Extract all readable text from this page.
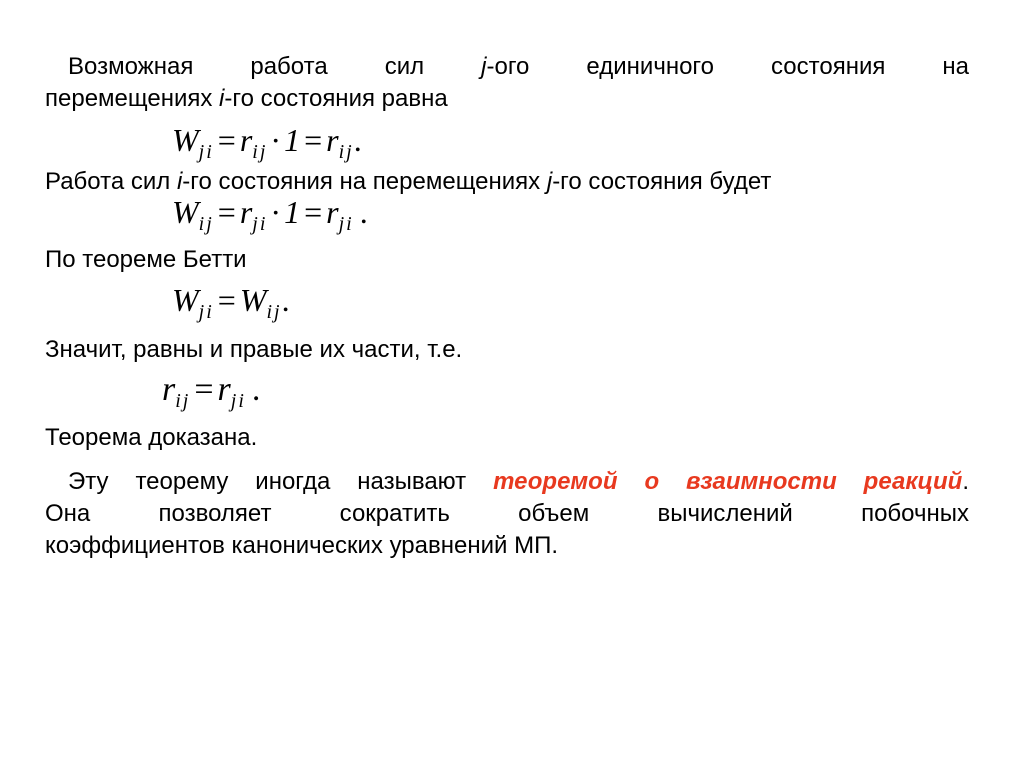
Возможная работа сил j-ого единичного состояния на
перемещениях i-го состояния равна
$W_{ji} = r_{ij}\cdot 1 = r_{ij}$.
Работа сил i-го состояния на перемещениях j-го состояния будет
$W_{ij} = r_{ji}\cdot 1 = r_{ji}$ .
По теореме Бетти
$W_{ji} = W_{ij}$.
Значит, равны и правые их части, т.е.
$r_{ij} = r_{ji}$ .
Теорема доказана.
Эту теорему иногда называют теоремой о взаимности реакций.
Она позволяет сократить объем вычислений побочных
коэффициентов канонических уравнений МП.
